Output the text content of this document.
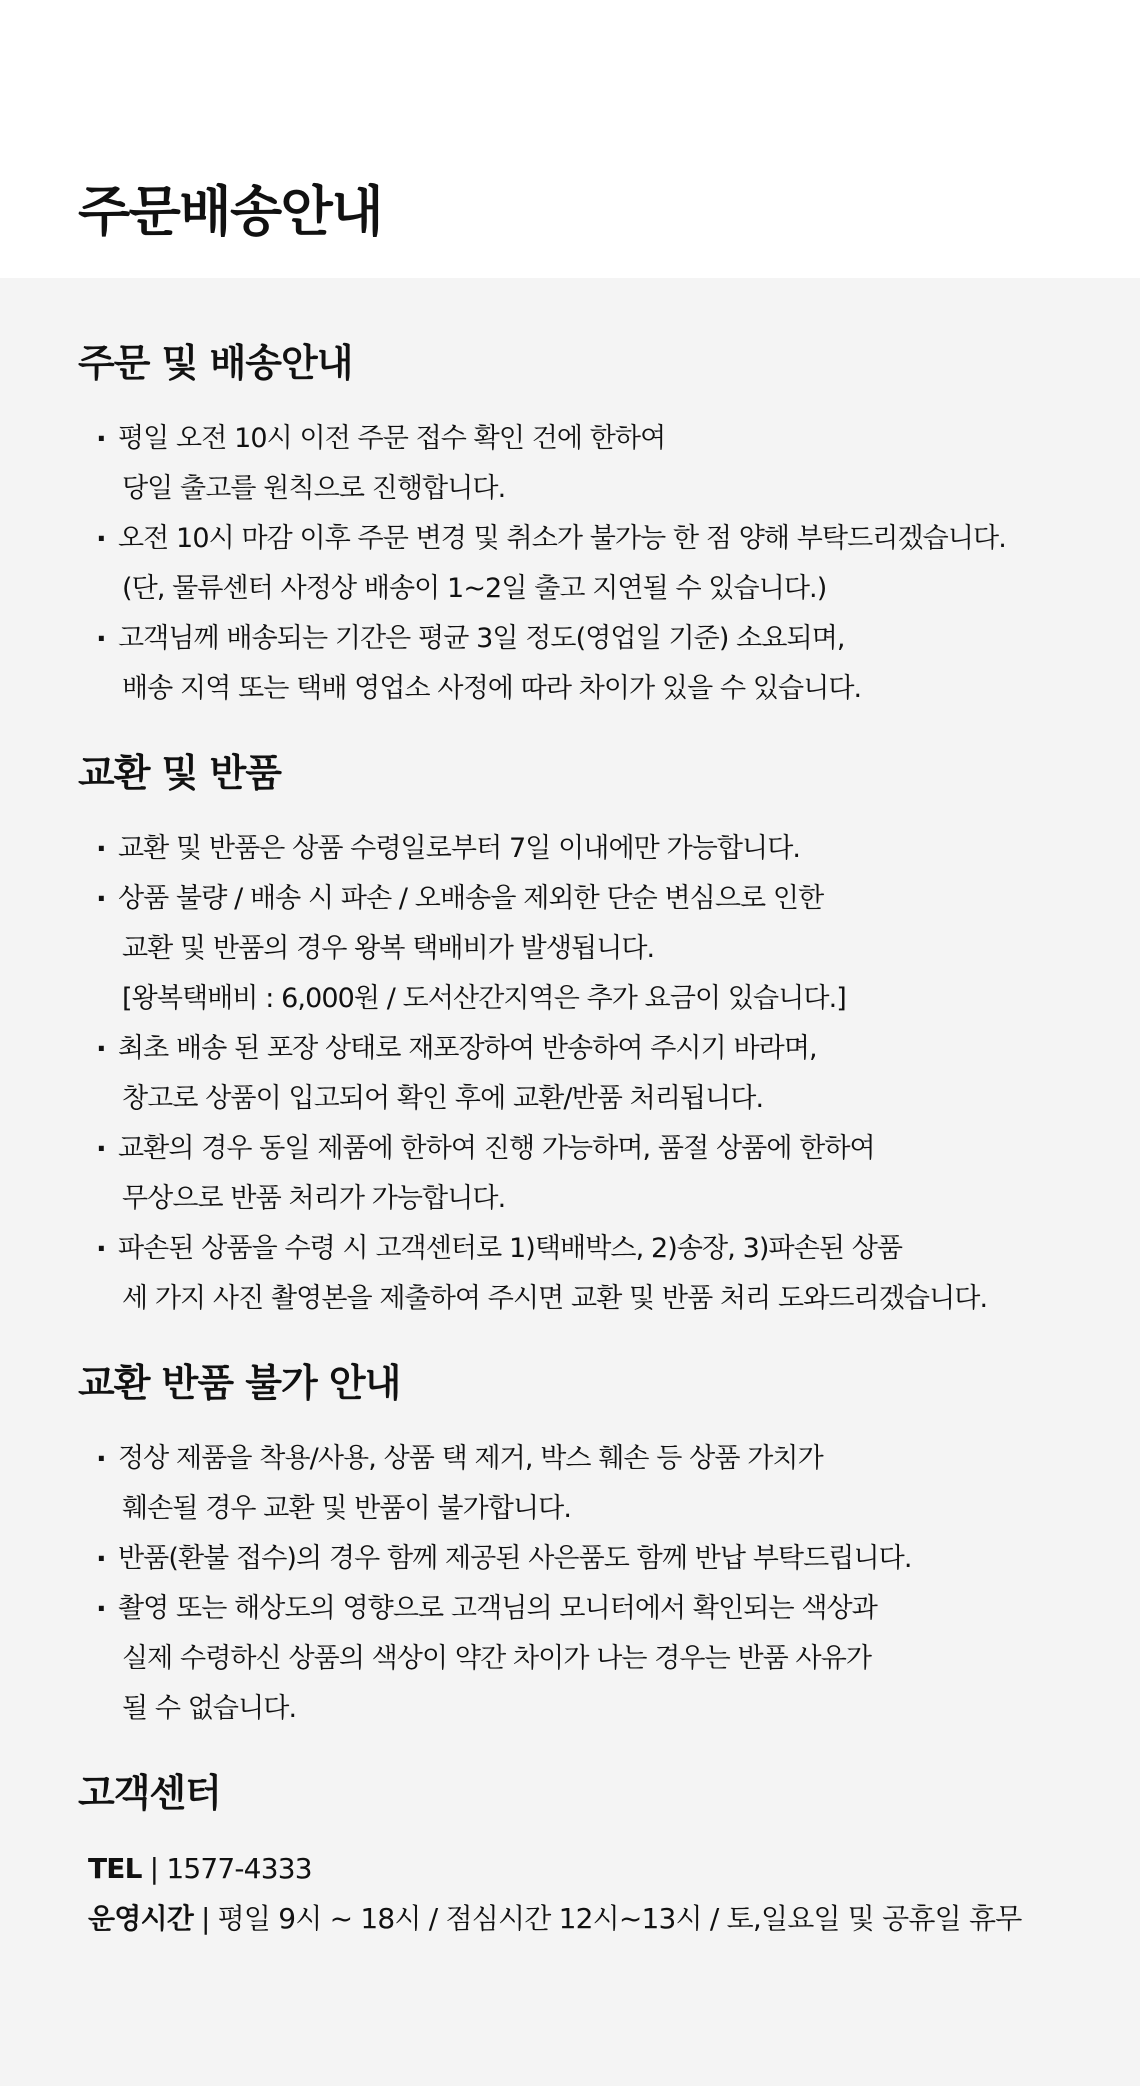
주문배송안내
주문 및 배송안내
· 평일 오전 10시 이전 주문 접수 확인 건에 한하여
당일 출고를 원칙으로 진행합니다.
· 오전 10시 마감 이후 주문 변경 및 취소가 불가능 한 점 양해 부탁드리겠습니다.
(단, 물류센터 사정상 배송이 1~2일 출고 지연될 수 있습니다.)
· 고객님께 배송되는 기간은 평균 3일 정도(영업일 기준) 소요되며,
배송 지역 또는 택배 영업소 사정에 따라 차이가 있을 수 있습니다.
교환 및 반품
· 교환 및 반품은 상품 수령일로부터 7일 이내에만 가능합니다.
· 상품 불량 / 배송 시 파손 / 오배송을 제외한 단순 변심으로 인한
교환 및 반품의 경우 왕복 택배비가 발생됩니다.
[왕복택배비 : 6,000원 / 도서산간지역은 추가 요금이 있습니다.]
· 최초 배송 된 포장 상태로 재포장하여 반송하여 주시기 바라며,
창고로 상품이 입고되어 확인 후에 교환/반품 처리됩니다.
· 교환의 경우 동일 제품에 한하여 진행 가능하며, 품절 상품에 한하여
무상으로 반품 처리가 가능합니다.
· 파손된 상품을 수령 시 고객센터로 1)택배박스, 2)송장, 3)파손된 상품
세 가지 사진 촬영본을 제출하여 주시면 교환 및 반품 처리 도와드리겠습니다.
교환 반품 불가 안내
· 정상 제품을 착용/사용, 상품 택 제거, 박스 훼손 등 상품 가치가
훼손될 경우 교환 및 반품이 불가합니다.
· 반품(환불 접수)의 경우 함께 제공된 사은품도 함께 반납 부탁드립니다.
· 촬영 또는 해상도의 영향으로 고객님의 모니터에서 확인되는 색상과
실제 수령하신 상품의 색상이 약간 차이가 나는 경우는 반품 사유가
될 수 없습니다.
고객센터
TEL | 1577-4333
운영시간 | 평일 9시 ~ 18시 / 점심시간 12시~13시 / 토,일요일 및 공휴일 휴무
